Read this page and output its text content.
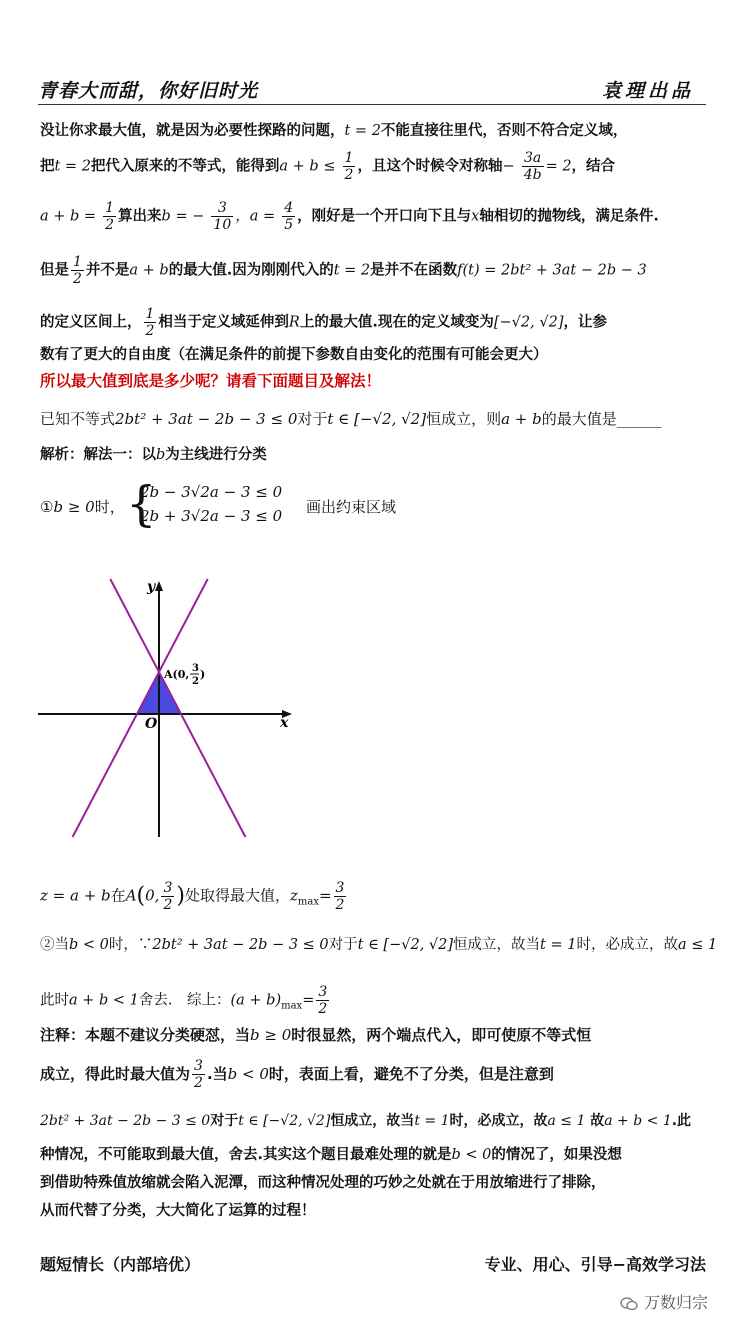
青春大而甜，你好旧时光	袁理出品
没让你求最大值，就是因为必要性探路的问题，t = 2不能直接往里代，否则不符合定义域，
把t = 2把代入原来的不等式，能得到$a + b \le \frac{1}{2}$ ，且这个时候令对称轴− $\frac{3a}{4b} = 2$，结合
$a + b = \frac{1}{2}$ 算出来b = − $\frac{3}{10}$ ，$a = \frac{4}{5}$ ，刚好是一个开口向下且与x轴相切的抛物线，满足条件.
但是 $\frac{1}{2}$ 并不是a + b的最大值.因为刚刚代入的t = 2是并不在函数f(t) = 2bt² + 3at − 2b − 3
的定义区间上， $\frac{1}{2}$ 相当于定义域延伸到R上的最大值.现在的定义域变为[−√2, √2]，让参
数有了更大的自由度（在满足条件的前提下参数自由变化的范围有可能会更大）
所以最大值到底是多少呢？请看下面题目及解法！
已知不等式2bt² + 3at − 2b − 3 ≤ 0对于t ∈ [−√2, √2]恒成立，则a + b的最大值是______
解析：解法一：以b为主线进行分类
①b ≥ 0时， {
2b − 3√2a − 3 ≤ 0
2b + 3√2a − 3 ≤ 0 画出约束区域
x
y
O
A(0, 3
2
)
z = a + b在A(0, $\frac{3}{2}$ )处取得最大值，$z_{max}= \frac{3}{2}$
②当b < 0时，∵2bt² + 3at − 2b − 3 ≤ 0对于t ∈ [−√2, √2]恒成立，故当t = 1时，必成立，故a ≤ 1
此时a + b < 1舍去.　综上：$(a + b)_{max}= \frac{3}{2}$
注释：本题不建议分类硬怼，当b ≥ 0时很显然，两个端点代入，即可使原不等式恒
成立，得此时最大值为 $\frac{3}{2}$ .当b < 0时，表面上看，避免不了分类，但是注意到
2bt² + 3at − 2b − 3 ≤ 0对于t ∈ [−√2, √2]恒成立，故当t = 1时，必成立，故a ≤ 1 故a + b < 1.此
种情况，不可能取到最大值，舍去.其实这个题目最难处理的就是b < 0的情况了，如果没想
到借助特殊值放缩就会陷入泥潭，而这种情况处理的巧妙之处就在于用放缩进行了排除，
从而代替了分类，大大简化了运算的过程！
题短情长（内部培优）	专业、用心、引导−高效学习法
万数归宗
